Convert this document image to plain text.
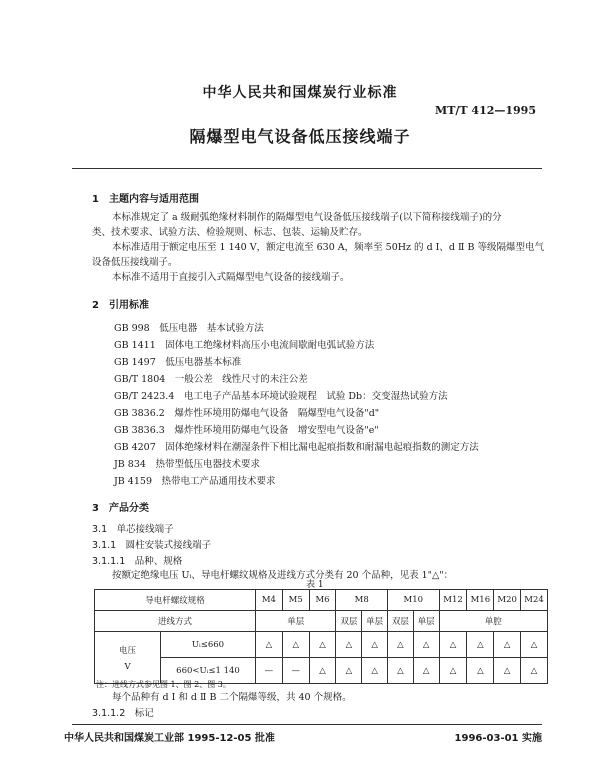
中华人民共和国煤炭行业标准
MT/T 412—1995
隔爆型电气设备低压接线端子
1　主题内容与适用范围
本标准规定了 a 级耐弧绝缘材料制作的隔爆型电气设备低压接线端子(以下简称接线端子)的分
类、技术要求、试验方法、检验规则、标志、包装、运输及贮存。
本标准适用于额定电压至 1 140 V，额定电流至 630 A，频率至 50Hz 的 d Ⅰ、d Ⅱ B 等级隔爆型电气
设备低压接线端子。
本标准不适用于直接引入式隔爆型电气设备的接线端子。
2　引用标准
GB 998　低压电器　基本试验方法
GB 1411　固体电工绝缘材料高压小电流间歇耐电弧试验方法
GB 1497　低压电器基本标准
GB/T 1804　一般公差　线性尺寸的未注公差
GB/T 2423.4　电工电子产品基本环境试验规程　试验 Db：交变湿热试验方法
GB 3836.2　爆炸性环境用防爆电气设备　隔爆型电气设备"d"
GB 3836.3　爆炸性环境用防爆电气设备　增安型电气设备"e"
GB 4207　固体绝缘材料在潮湿条件下相比漏电起痕指数和耐漏电起痕指数的测定方法
JB 834　热带型低压电器技术要求
JB 4159　热带电工产品通用技术要求
3　产品分类
3.1　单芯接线端子
3.1.1　圆柱安装式接线端子
3.1.1.1　品种、规格
按额定绝缘电压 Uᵢ、导电杆螺纹规格及进线方式分类有 20 个品种，见表 1"△"：
表 1
导电杆螺纹规格		M4	M5	M6	M8		M10		M12	M16	M20	M24
进线方式		单层			双层	单层	双层	单层	单腔			

电压
V	Uᵢ≤660	△	△	△	△	△	△	△	△	△	△	△
	660<Uᵢ≤1 140	—	—	△	△	△	△	△	△	△	△	△
注：进线方式参见图 1、图 2、图 3。
每个品种有 d Ⅰ 和 d Ⅱ B 二个隔爆等级，共 40 个规格。
3.1.1.2　标记
中华人民共和国煤炭工业部 1995-12-05 批准	1996-03-01 实施
